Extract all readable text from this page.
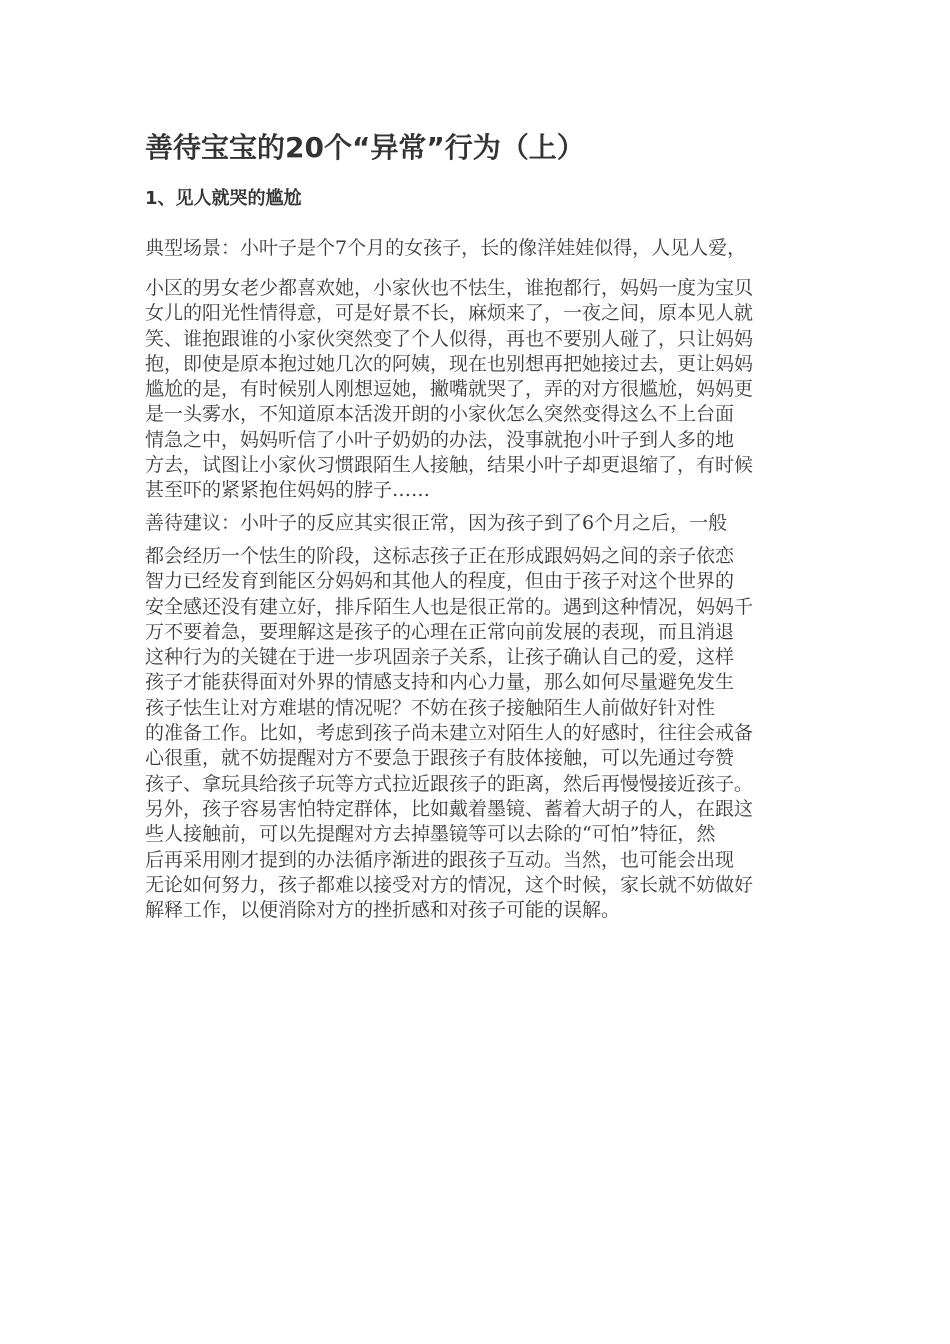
善待宝宝的20个“异常”行为（上）
1、见人就哭的尴尬

典型场景：小叶子是个7个月的女孩子，长的像洋娃娃似得，人见人爱，

小区的男女老少都喜欢她，小家伙也不怯生，谁抱都行，妈妈一度为宝贝
女儿的阳光性情得意，可是好景不长，麻烦来了，一夜之间，原本见人就
笑、谁抱跟谁的小家伙突然变了个人似得，再也不要别人碰了，只让妈妈
抱，即使是原本抱过她几次的阿姨，现在也别想再把她接过去，更让妈妈
尴尬的是，有时候别人刚想逗她，撇嘴就哭了，弄的对方很尴尬，妈妈更
是一头雾水，不知道原本活泼开朗的小家伙怎么突然变得这么不上台面
情急之中，妈妈听信了小叶子奶奶的办法，没事就抱小叶子到人多的地
方去，试图让小家伙习惯跟陌生人接触，结果小叶子却更退缩了，有时候
甚至吓的紧紧抱住妈妈的脖子……

善待建议：小叶子的反应其实很正常，因为孩子到了6个月之后，一般

都会经历一个怯生的阶段，这标志孩子正在形成跟妈妈之间的亲子依恋
智力已经发育到能区分妈妈和其他人的程度，但由于孩子对这个世界的
安全感还没有建立好，排斥陌生人也是很正常的。遇到这种情况，妈妈千
万不要着急，要理解这是孩子的心理在正常向前发展的表现，而且消退
这种行为的关键在于进一步巩固亲子关系，让孩子确认自己的爱，这样
孩子才能获得面对外界的情感支持和内心力量，那么如何尽量避免发生
孩子怯生让对方难堪的情况呢？不妨在孩子接触陌生人前做好针对性
的准备工作。比如，考虑到孩子尚未建立对陌生人的好感时，往往会戒备
心很重，就不妨提醒对方不要急于跟孩子有肢体接触，可以先通过夸赞
孩子、拿玩具给孩子玩等方式拉近跟孩子的距离，然后再慢慢接近孩子。
另外，孩子容易害怕特定群体，比如戴着墨镜、蓄着大胡子的人，在跟这
些人接触前，可以先提醒对方去掉墨镜等可以去除的“可怕”特征，然
后再采用刚才提到的办法循序渐进的跟孩子互动。当然，也可能会出现
无论如何努力，孩子都难以接受对方的情况，这个时候，家长就不妨做好
解释工作，以便消除对方的挫折感和对孩子可能的误解。
